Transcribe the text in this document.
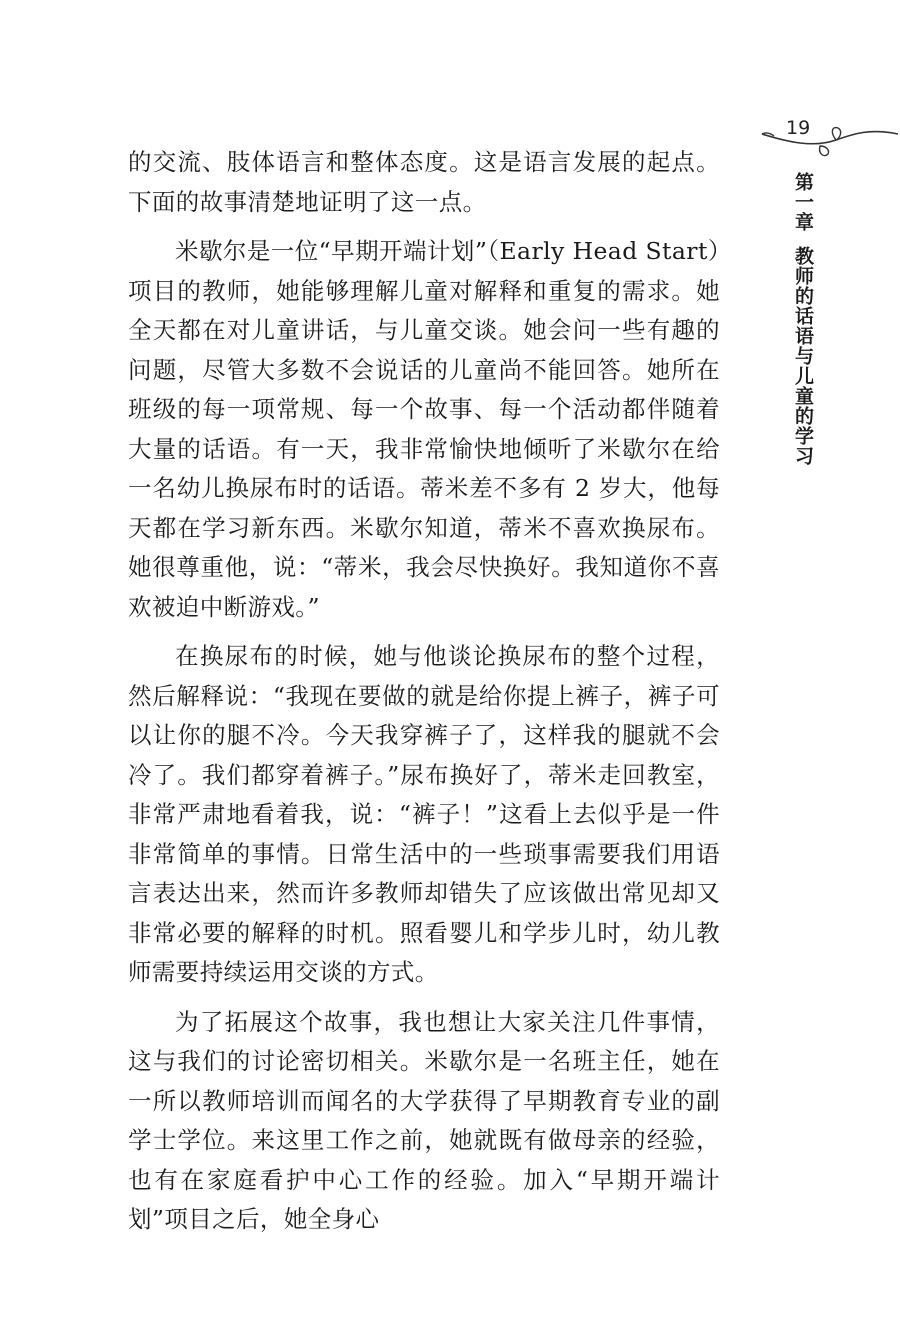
19
第一章教师的话语与儿童的学习

的交流、肢体语言和整体态度。这是语言发展的起点。下面的故事清楚地证明了这一点。

米歇尔是一位“早期开端计划”（Early Head Start）项目的教师，她能够理解儿童对解释和重复的需求。她全天都在对儿童讲话，与儿童交谈。她会问一些有趣的问题，尽管大多数不会说话的儿童尚不能回答。她所在班级的每一项常规、每一个故事、每一个活动都伴随着大量的话语。有一天，我非常愉快地倾听了米歇尔在给一名幼儿换尿布时的话语。蒂米差不多有 2 岁大，他每天都在学习新东西。米歇尔知道，蒂米不喜欢换尿布。她很尊重他，说：“蒂米，我会尽快换好。我知道你不喜欢被迫中断游戏。”

在换尿布的时候，她与他谈论换尿布的整个过程，然后解释说：“我现在要做的就是给你提上裤子，裤子可以让你的腿不冷。今天我穿裤子了，这样我的腿就不会冷了。我们都穿着裤子。”尿布换好了，蒂米走回教室，非常严肃地看着我，说：“裤子！”这看上去似乎是一件非常简单的事情。日常生活中的一些琐事需要我们用语言表达出来，然而许多教师却错失了应该做出常见却又非常必要的解释的时机。照看婴儿和学步儿时，幼儿教师需要持续运用交谈的方式。

为了拓展这个故事，我也想让大家关注几件事情，这与我们的讨论密切相关。米歇尔是一名班主任，她在一所以教师培训而闻名的大学获得了早期教育专业的副学士学位。来这里工作之前，她就既有做母亲的经验，也有在家庭看护中心工作的经验。加入“早期开端计划”项目之后，她全身心
